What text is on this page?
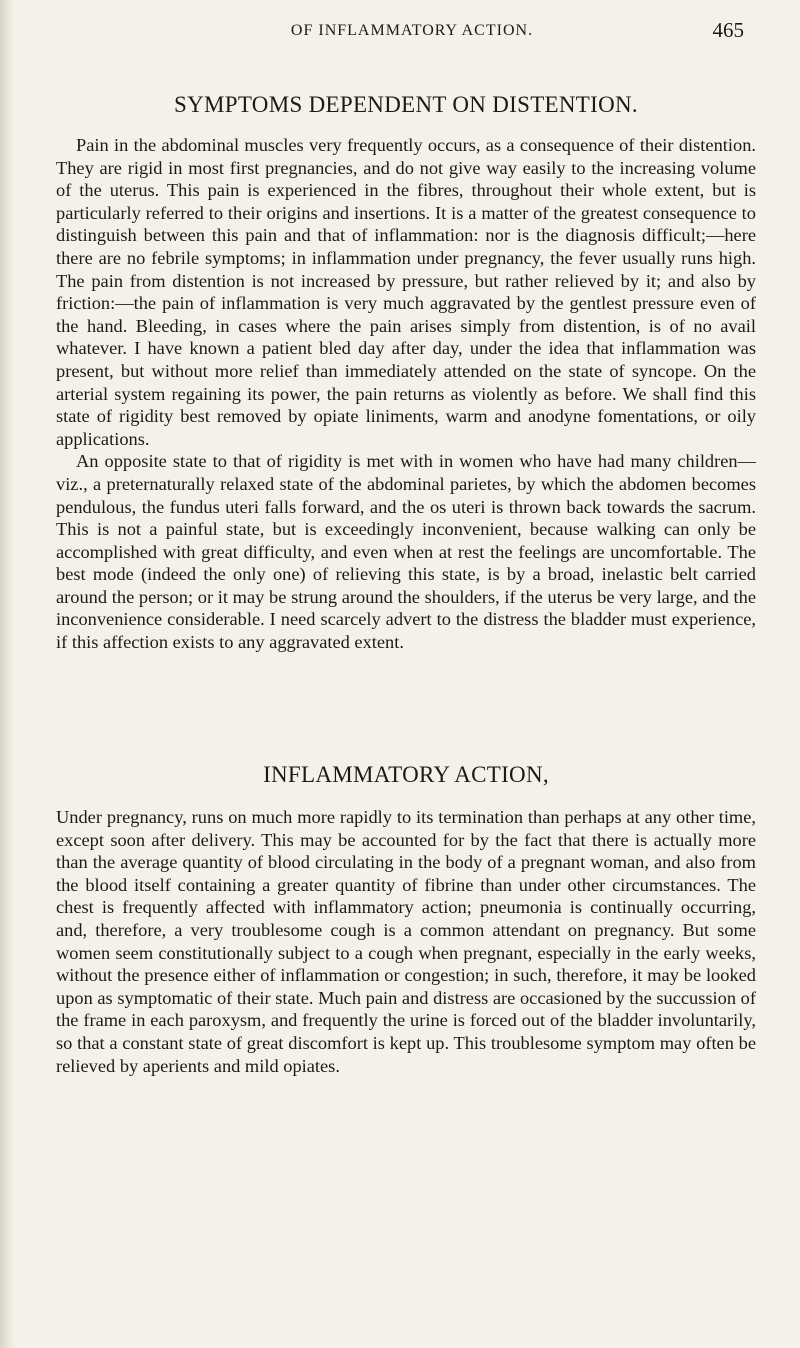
OF INFLAMMATORY ACTION.	465
SYMPTOMS DEPENDENT ON DISTENTION.

Pain in the abdominal muscles very frequently occurs, as a consequence of their distention. They are rigid in most first pregnancies, and do not give way easily to the increasing volume of the uterus. This pain is experienced in the fibres, throughout their whole extent, but is particularly referred to their origins and insertions. It is a matter of the greatest consequence to distinguish between this pain and that of inflammation: nor is the diagnosis difficult;—here there are no febrile symptoms; in inflammation under pregnancy, the fever usually runs high. The pain from distention is not increased by pressure, but rather relieved by it; and also by friction:—the pain of inflammation is very much aggravated by the gentlest pressure even of the hand. Bleeding, in cases where the pain arises simply from distention, is of no avail whatever. I have known a patient bled day after day, under the idea that inflammation was present, but without more relief than immediately attended on the state of syncope. On the arterial system regaining its power, the pain returns as violently as before. We shall find this state of rigidity best removed by opiate liniments, warm and anodyne fomentations, or oily applications.

An opposite state to that of rigidity is met with in women who have had many children—viz., a preternaturally relaxed state of the abdominal parietes, by which the abdomen becomes pendulous, the fundus uteri falls forward, and the os uteri is thrown back towards the sacrum. This is not a painful state, but is exceedingly inconvenient, because walking can only be accomplished with great difficulty, and even when at rest the feelings are uncomfortable. The best mode (indeed the only one) of relieving this state, is by a broad, inelastic belt carried around the person; or it may be strung around the shoulders, if the uterus be very large, and the inconvenience considerable. I need scarcely advert to the distress the bladder must experience, if this affection exists to any aggravated extent.

INFLAMMATORY ACTION,

Under pregnancy, runs on much more rapidly to its termination than perhaps at any other time, except soon after delivery. This may be accounted for by the fact that there is actually more than the average quantity of blood circulating in the body of a pregnant woman, and also from the blood itself containing a greater quantity of fibrine than under other circumstances. The chest is frequently affected with inflammatory action; pneumonia is continually occurring, and, therefore, a very troublesome cough is a common attendant on pregnancy. But some women seem constitutionally subject to a cough when pregnant, especially in the early weeks, without the presence either of inflammation or congestion; in such, therefore, it may be looked upon as symptomatic of their state. Much pain and distress are occasioned by the succussion of the frame in each paroxysm, and frequently the urine is forced out of the bladder involuntarily, so that a constant state of great discomfort is kept up. This troublesome symptom may often be relieved by aperients and mild opiates.
